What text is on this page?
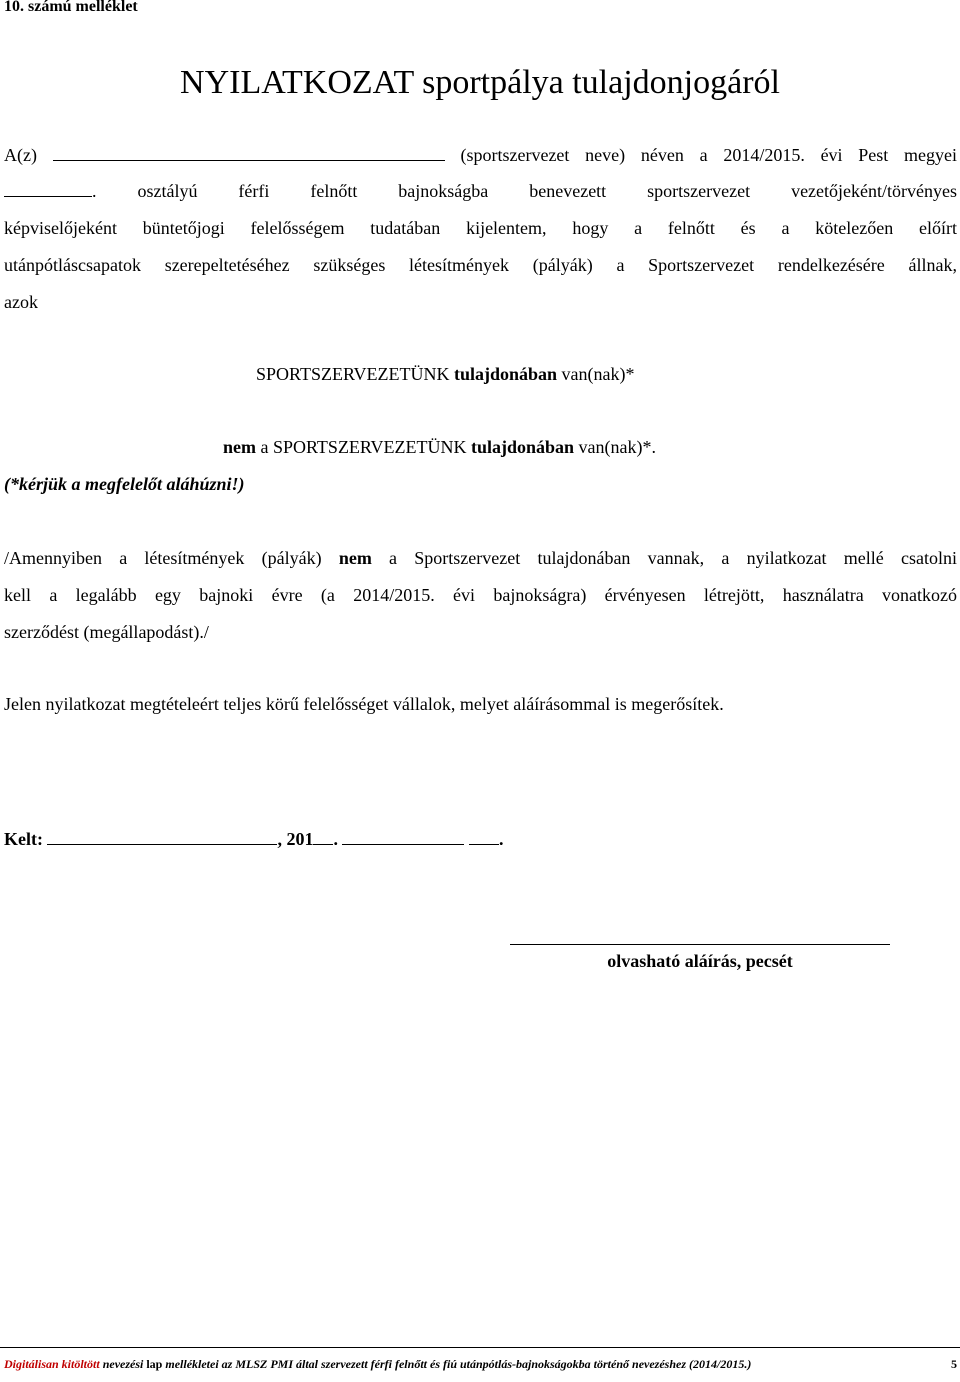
10. számú melléklet
NYILATKOZAT sportpálya tulajdonjogáról
A(z)	(sportszervezet neve) néven a 2014/2015. évi Pest megyei
. osztályú férfi felnőtt bajnokságba benevezett sportszervezet vezetőjeként/törvényes
képviselőjeként büntetőjogi felelősségem tudatában kijelentem, hogy a felnőtt és a kötelezően előírt
utánpótláscsapatok szerepeltetéséhez szükséges létesítmények (pályák) a Sportszervezet rendelkezésére állnak,
azok
SPORTSZERVEZETÜNK tulajdonában van(nak)*
nem a SPORTSZERVEZETÜNK tulajdonában van(nak)*.
(*kérjük a megfelelőt aláhúzni!)
/Amennyiben a létesítmények (pályák) nem a Sportszervezet tulajdonában vannak, a nyilatkozat mellé csatolni
kell a legalább egy bajnoki évre (a 2014/2015. évi bajnokságra) érvényesen létrejött, használatra vonatkozó
szerződést (megállapodást)./
Jelen nyilatkozat megtételeért teljes körű felelősséget vállalok, melyet aláírásommal is megerősítek.
Kelt:	, 201 .	.
olvasható aláírás, pecsét
Digitálisan kitöltött nevezési lap mellékletei az MLSZ PMI által szervezett férfi felnőtt és fiú utánpótlás-bajnokságokba történő nevezéshez (2014/2015.)	5
